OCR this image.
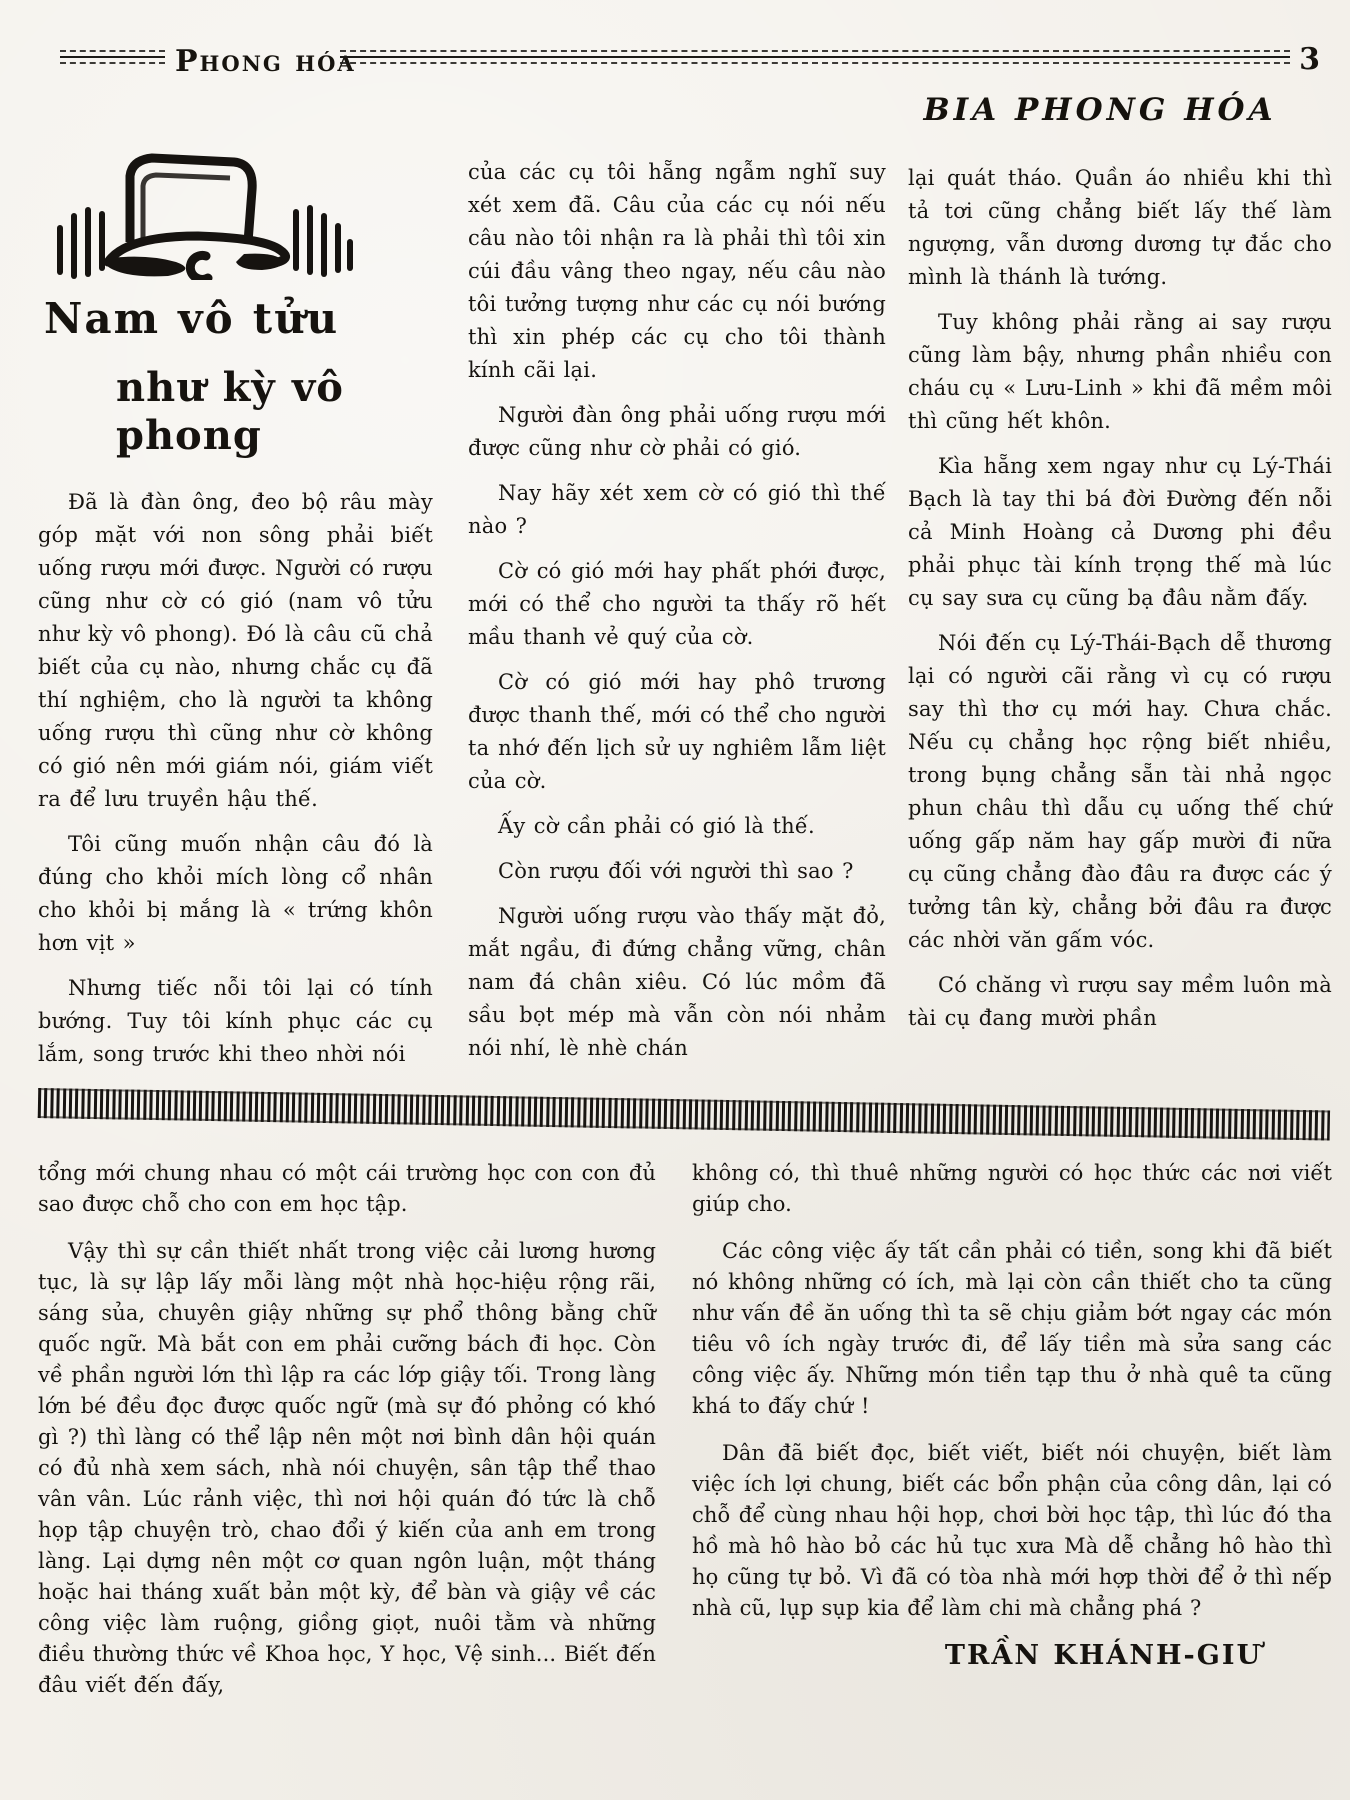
Phong hóa	3
BIA PHONG HÓA
Nam vô tửu
như kỳ vô phong

Đã là đàn ông, đeo bộ râu mày góp mặt với non sông phải biết uống rượu mới được. Người có rượu cũng như cờ có gió (nam vô tửu như kỳ vô phong). Đó là câu cũ chả biết của cụ nào, nhưng chắc cụ đã thí nghiệm, cho là người ta không uống rượu thì cũng như cờ không có gió nên mới giám nói, giám viết ra để lưu truyền hậu thế.

Tôi cũng muốn nhận câu đó là đúng cho khỏi mích lòng cổ nhân cho khỏi bị mắng là « trứng khôn hơn vịt »

Nhưng tiếc nỗi tôi lại có tính bướng. Tuy tôi kính phục các cụ lắm, song trước khi theo nhời nói

của các cụ tôi hẵng ngẫm nghĩ suy xét xem đã. Câu của các cụ nói nếu câu nào tôi nhận ra là phải thì tôi xin cúi đầu vâng theo ngay, nếu câu nào tôi tưởng tượng như các cụ nói bướng thì xin phép các cụ cho tôi thành kính cãi lại.

Người đàn ông phải uống rượu mới được cũng như cờ phải có gió.

Nay hãy xét xem cờ có gió thì thế nào ?

Cờ có gió mới hay phất phới được, mới có thể cho người ta thấy rõ hết mầu thanh vẻ quý của cờ.

Cờ có gió mới hay phô trương được thanh thế, mới có thể cho người ta nhớ đến lịch sử uy nghiêm lẫm liệt của cờ.

Ấy cờ cần phải có gió là thế.

Còn rượu đối với người thì sao ?

Người uống rượu vào thấy mặt đỏ, mắt ngầu, đi đứng chẳng vững, chân nam đá chân xiêu. Có lúc mồm đã sầu bọt mép mà vẫn còn nói nhảm nói nhí, lè nhè chán

lại quát tháo. Quần áo nhiều khi thì tả tơi cũng chẳng biết lấy thế làm ngượng, vẫn dương dương tự đắc cho mình là thánh là tướng.

Tuy không phải rằng ai say rượu cũng làm bậy, nhưng phần nhiều con cháu cụ « Lưu-Linh » khi đã mềm môi thì cũng hết khôn.

Kìa hẵng xem ngay như cụ Lý-Thái Bạch là tay thi bá đời Đường đến nỗi cả Minh Hoàng cả Dương phi đều phải phục tài kính trọng thế mà lúc cụ say sưa cụ cũng bạ đâu nằm đấy.

Nói đến cụ Lý-Thái-Bạch dễ thương lại có người cãi rằng vì cụ có rượu say thì thơ cụ mới hay. Chưa chắc. Nếu cụ chẳng học rộng biết nhiều, trong bụng chẳng sẵn tài nhả ngọc phun châu thì dẫu cụ uống thế chứ uống gấp năm hay gấp mười đi nữa cụ cũng chẳng đào đâu ra được các ý tưởng tân kỳ, chẳng bởi đâu ra được các nhời văn gấm vóc.

Có chăng vì rượu say mềm luôn mà tài cụ đang mười phần

tổng mới chung nhau có một cái trường học con con đủ sao được chỗ cho con em học tập.

Vậy thì sự cần thiết nhất trong việc cải lương hương tục, là sự lập lấy mỗi làng một nhà học-hiệu rộng rãi, sáng sủa, chuyên giậy những sự phổ thông bằng chữ quốc ngữ. Mà bắt con em phải cưỡng bách đi học. Còn về phần người lớn thì lập ra các lớp giậy tối. Trong làng lớn bé đều đọc được quốc ngữ (mà sự đó phỏng có khó gì ?) thì làng có thể lập nên một nơi bình dân hội quán có đủ nhà xem sách, nhà nói chuyện, sân tập thể thao vân vân. Lúc rảnh việc, thì nơi hội quán đó tức là chỗ họp tập chuyện trò, chao đổi ý kiến của anh em trong làng. Lại dựng nên một cơ quan ngôn luận, một tháng hoặc hai tháng xuất bản một kỳ, để bàn và giậy về các công việc làm ruộng, giồng giọt, nuôi tằm và những điều thường thức về Khoa học, Y học, Vệ sinh... Biết đến đâu viết đến đấy,

không có, thì thuê những người có học thức các nơi viết giúp cho.

Các công việc ấy tất cần phải có tiền, song khi đã biết nó không những có ích, mà lại còn cần thiết cho ta cũng như vấn đề ăn uống thì ta sẽ chịu giảm bớt ngay các món tiêu vô ích ngày trước đi, để lấy tiền mà sửa sang các công việc ấy. Những món tiền tạp thu ở nhà quê ta cũng khá to đấy chứ !

Dân đã biết đọc, biết viết, biết nói chuyện, biết làm việc ích lợi chung, biết các bổn phận của công dân, lại có chỗ để cùng nhau hội họp, chơi bời học tập, thì lúc đó tha hồ mà hô hào bỏ các hủ tục xưa Mà dễ chẳng hô hào thì họ cũng tự bỏ. Vì đã có tòa nhà mới hợp thời để ở thì nếp nhà cũ, lụp sụp kia để làm chi mà chẳng phá ?

TRẦN KHÁNH-GIƯ
